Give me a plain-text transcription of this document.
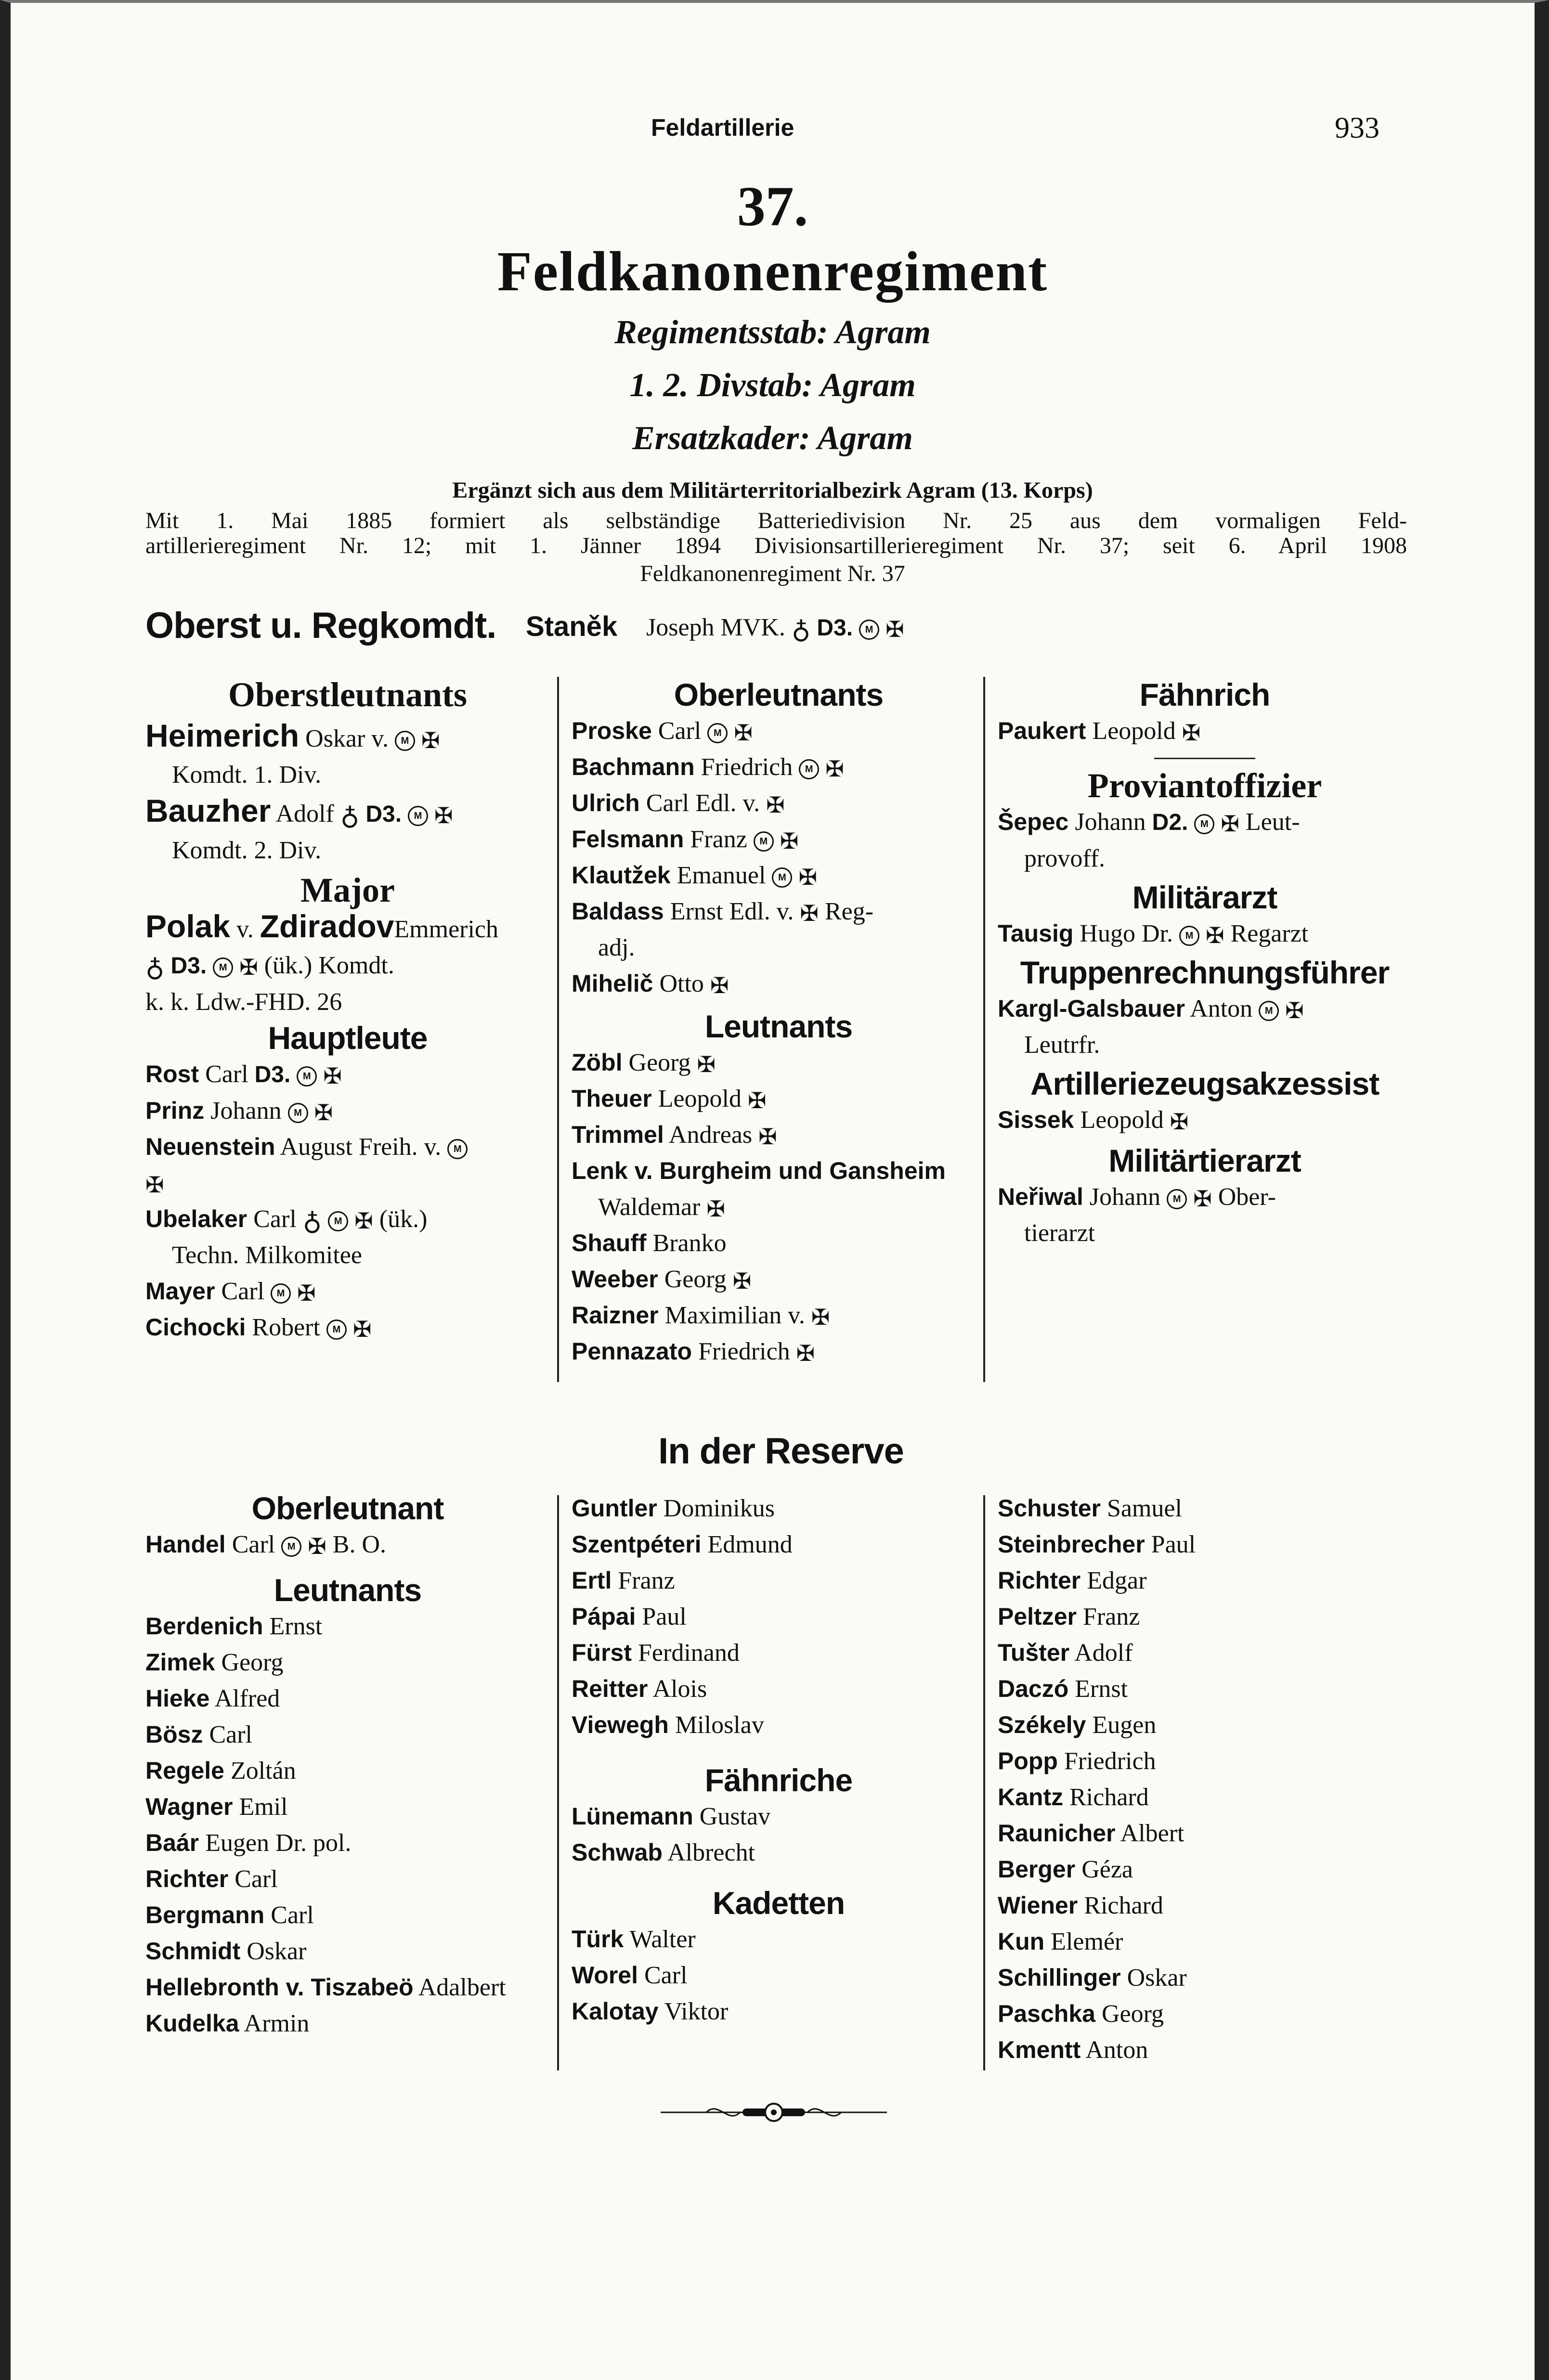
Feldartillerie	933
37.
Feldkanonenregiment
Regimentsstab: Agram
1. 2. Divstab: Agram
Ersatzkader: Agram
Ergänzt sich aus dem Militärterritorialbezirk Agram (13. Korps)
Mit 1. Mai 1885 formiert als selbständige Batteriedivision Nr. 25 aus dem vormaligen Feld-
artillerieregiment Nr. 12; mit 1. Jänner 1894 Divisionsartillerieregiment Nr. 37; seit 6. April 1908
Feldkanonenregiment Nr. 37
Oberst u. Regkomdt. Staněk Joseph MVK. ♁ D3. M ✠
Oberstleutnants
Heimerich Oskar v. M ✠
Komdt. 1. Div.
Bauzher Adolf ♁ D3. M ✠
Komdt. 2. Div.
Major
Polak v. ZdiradovEmmerich
♁ D3. M ✠ (ük.) Komdt.
k. k. Ldw.-FHD. 26
Hauptleute
Rost Carl D3. M ✠
Prinz Johann M ✠
Neuenstein August Freih. v. M
✠
Ubelaker Carl ♁ M ✠ (ük.)
Techn. Milkomitee
Mayer Carl M ✠
Cichocki Robert M ✠
Oberleutnants
Proske Carl M ✠
Bachmann Friedrich M ✠
Ulrich Carl Edl. v. ✠
Felsmann Franz M ✠
Klautžek Emanuel M ✠
Baldass Ernst Edl. v. ✠ Reg-
adj.
Mihelič Otto ✠
Leutnants
Zöbl Georg ✠
Theuer Leopold ✠
Trimmel Andreas ✠
Lenk v. Burgheim und Gansheim
Waldemar ✠
Shauff Branko
Weeber Georg ✠
Raizner Maximilian v. ✠
Pennazato Friedrich ✠
Fähnrich
Paukert Leopold ✠
Proviantoffizier
Šepec Johann D2. M ✠ Leut-
provoff.
Militärarzt
Tausig Hugo Dr. M ✠ Regarzt
Truppenrechnungsführer
Kargl-Galsbauer Anton M ✠
Leutrfr.
Artilleriezeugsakzessist
Sissek Leopold ✠
Militärtierarzt
Neřiwal Johann M ✠ Ober-
tierarzt
In der Reserve
Oberleutnant
Handel Carl M ✠ B. O.
Leutnants
Berdenich Ernst
Zimek Georg
Hieke Alfred
Bösz Carl
Regele Zoltán
Wagner Emil
Baár Eugen Dr. pol.
Richter Carl
Bergmann Carl
Schmidt Oskar
Hellebronth v. Tiszabeö Adalbert
Kudelka Armin
Guntler Dominikus
Szentpéteri Edmund
Ertl Franz
Pápai Paul
Fürst Ferdinand
Reitter Alois
Viewegh Miloslav
Fähnriche
Lünemann Gustav
Schwab Albrecht
Kadetten
Türk Walter
Worel Carl
Kalotay Viktor
Schuster Samuel
Steinbrecher Paul
Richter Edgar
Peltzer Franz
Tušter Adolf
Daczó Ernst
Székely Eugen
Popp Friedrich
Kantz Richard
Raunicher Albert
Berger Géza
Wiener Richard
Kun Elemér
Schillinger Oskar
Paschka Georg
Kmentt Anton
